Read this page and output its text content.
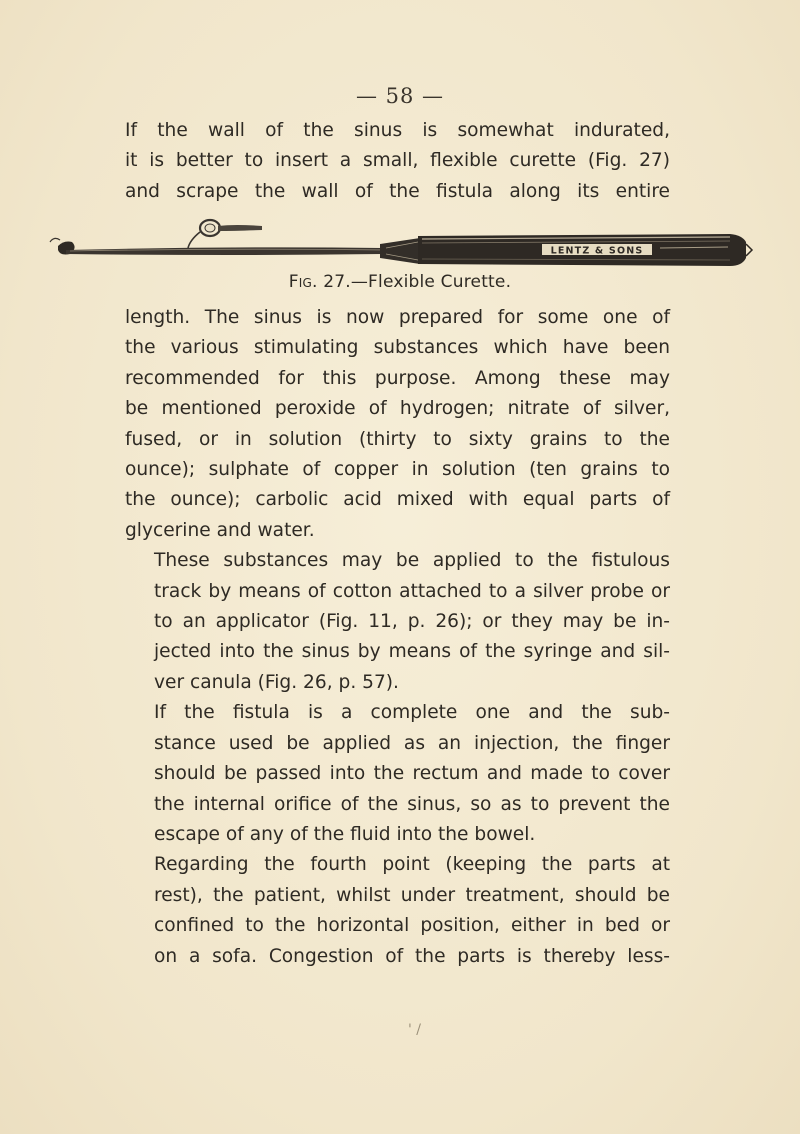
— 58 —

If the wall of the sinus is somewhat indurated,
it is better to insert a small, flexible curette (Fig. 27)
and scrape the wall of the fistula along its entire

LENTZ & SONS
Fig. 27.—Flexible Curette.

length. The sinus is now prepared for some one of
the various stimulating substances which have been
recommended for this purpose. Among these may
be mentioned peroxide of hydrogen; nitrate of silver,
fused, or in solution (thirty to sixty grains to the
ounce); sulphate of copper in solution (ten grains to
the ounce); carbolic acid mixed with equal parts of
glycerine and water.

These substances may be applied to the fistulous
track by means of cotton attached to a silver probe or
to an applicator (Fig. 11, p. 26); or they may be in-
jected into the sinus by means of the syringe and sil-
ver canula (Fig. 26, p. 57).

If the fistula is a complete one and the sub-
stance used be applied as an injection, the finger
should be passed into the rectum and made to cover
the internal orifice of the sinus, so as to prevent the
escape of any of the fluid into the bowel.

Regarding the fourth point (keeping the parts at
rest), the patient, whilst under treatment, should be
confined to the horizontal position, either in bed or
on a sofa. Congestion of the parts is thereby less-

' /
